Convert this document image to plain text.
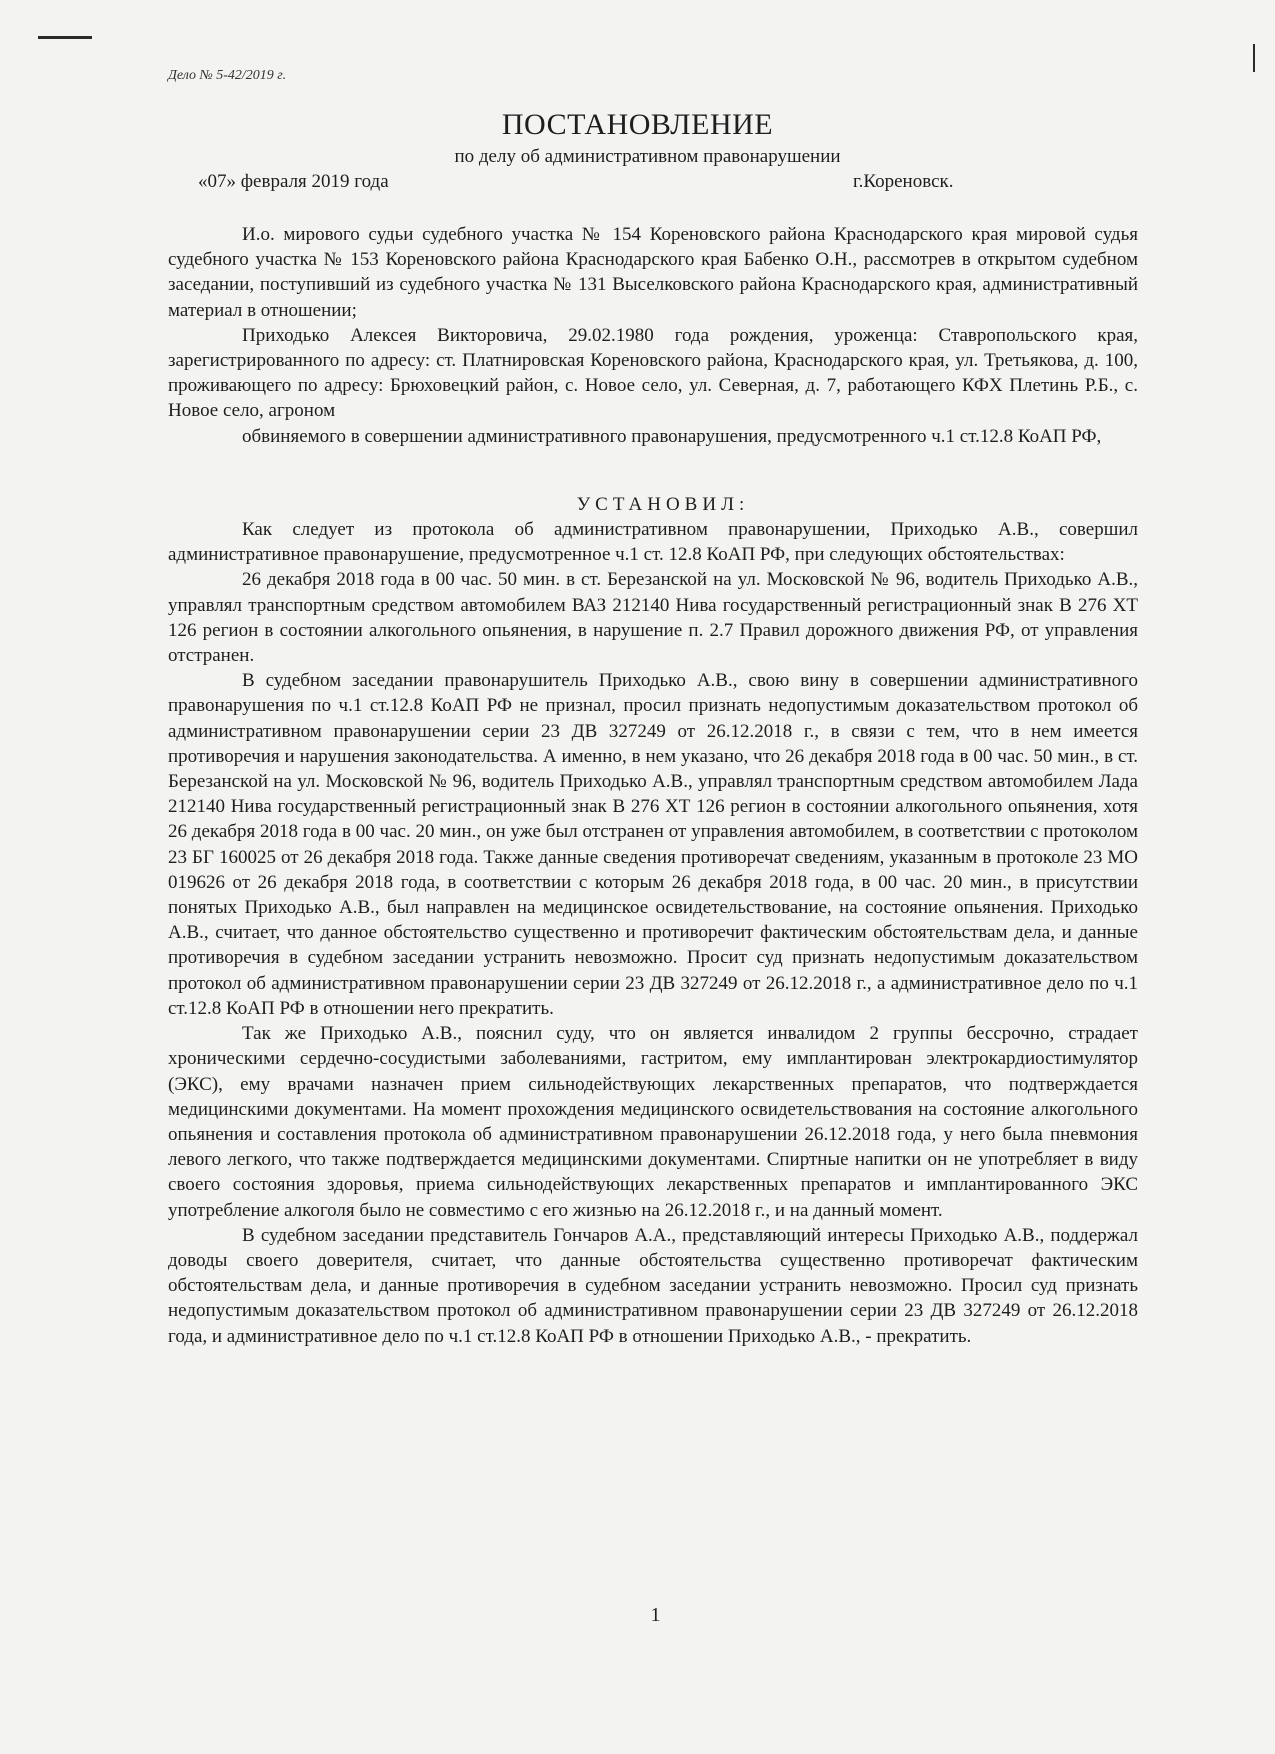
Дело № 5-42/2019 г.
ПОСТАНОВЛЕНИЕ
по делу об административном правонарушении
«07» февраля 2019 года	г.Кореновск.

И.о. мирового судьи судебного участка № 154 Кореновского района Краснодарского края мировой судья судебного участка № 153 Кореновского района Краснодарского края Бабенко О.Н., рассмотрев в открытом судебном заседании, поступивший из судебного участка № 131 Выселковского района Краснодарского края, административный материал в отношении;

Приходько Алексея Викторовича, 29.02.1980 года рождения, уроженца: Ставропольского края, зарегистрированного по адресу: ст. Платнировская Кореновского района, Краснодарского края, ул. Третьякова, д. 100, проживающего по адресу: Брюховецкий район, с. Новое село, ул. Северная, д. 7, работающего КФХ Плетинь Р.Б., с. Новое село, агроном

обвиняемого в совершении административного правонарушения, предусмотренного ч.1 ст.12.8 КоАП РФ,

УСТАНОВИЛ:

Как следует из протокола об административном правонарушении, Приходько А.В., совершил административное правонарушение, предусмотренное ч.1 ст. 12.8 КоАП РФ, при следующих обстоятельствах:

26 декабря 2018 года в 00 час. 50 мин. в ст. Березанской на ул. Московской № 96, водитель Приходько А.В., управлял транспортным средством автомобилем ВАЗ 212140 Нива государственный регистрационный знак В 276 ХТ 126 регион в состоянии алкогольного опьянения, в нарушение п. 2.7 Правил дорожного движения РФ, от управления отстранен.

В судебном заседании правонарушитель Приходько А.В., свою вину в совершении административного правонарушения по ч.1 ст.12.8 КоАП РФ не признал, просил признать недопустимым доказательством протокол об административном правонарушении серии 23 ДВ 327249 от 26.12.2018 г., в связи с тем, что в нем имеется противоречия и нарушения законодательства. А именно, в нем указано, что 26 декабря 2018 года в 00 час. 50 мин., в ст. Березанской на ул. Московской № 96, водитель Приходько А.В., управлял транспортным средством автомобилем Лада 212140 Нива государственный регистрационный знак В 276 ХТ 126 регион в состоянии алкогольного опьянения, хотя 26 декабря 2018 года в 00 час. 20 мин., он уже был отстранен от управления автомобилем, в соответствии с протоколом 23 БГ 160025 от 26 декабря 2018 года. Также данные сведения противоречат сведениям, указанным в протоколе 23 МО 019626 от 26 декабря 2018 года, в соответствии с которым 26 декабря 2018 года, в 00 час. 20 мин., в присутствии понятых Приходько А.В., был направлен на медицинское освидетельствование, на состояние опьянения. Приходько А.В., считает, что данное обстоятельство существенно и противоречит фактическим обстоятельствам дела, и данные противоречия в судебном заседании устранить невозможно. Просит суд признать недопустимым доказательством протокол об административном правонарушении серии 23 ДВ 327249 от 26.12.2018 г., а административное дело по ч.1 ст.12.8 КоАП РФ в отношении него прекратить.

Так же Приходько А.В., пояснил суду, что он является инвалидом 2 группы бессрочно, страдает хроническими сердечно-сосудистыми заболеваниями, гастритом, ему имплантирован электрокардиостимулятор (ЭКС), ему врачами назначен прием сильнодействующих лекарственных препаратов, что подтверждается медицинскими документами. На момент прохождения медицинского освидетельствования на состояние алкогольного опьянения и составления протокола об административном правонарушении 26.12.2018 года, у него была пневмония левого легкого, что также подтверждается медицинскими документами. Спиртные напитки он не употребляет в виду своего состояния здоровья, приема сильнодействующих лекарственных препаратов и имплантированного ЭКС употребление алкоголя было не совместимо с его жизнью на 26.12.2018 г., и на данный момент.

В судебном заседании представитель Гончаров А.А., представляющий интересы Приходько А.В., поддержал доводы своего доверителя, считает, что данные обстоятельства существенно противоречат фактическим обстоятельствам дела, и данные противоречия в судебном заседании устранить невозможно. Просил суд признать недопустимым доказательством протокол об административном правонарушении серии 23 ДВ 327249 от 26.12.2018 года, и административное дело по ч.1 ст.12.8 КоАП РФ в отношении Приходько А.В., - прекратить.

1
